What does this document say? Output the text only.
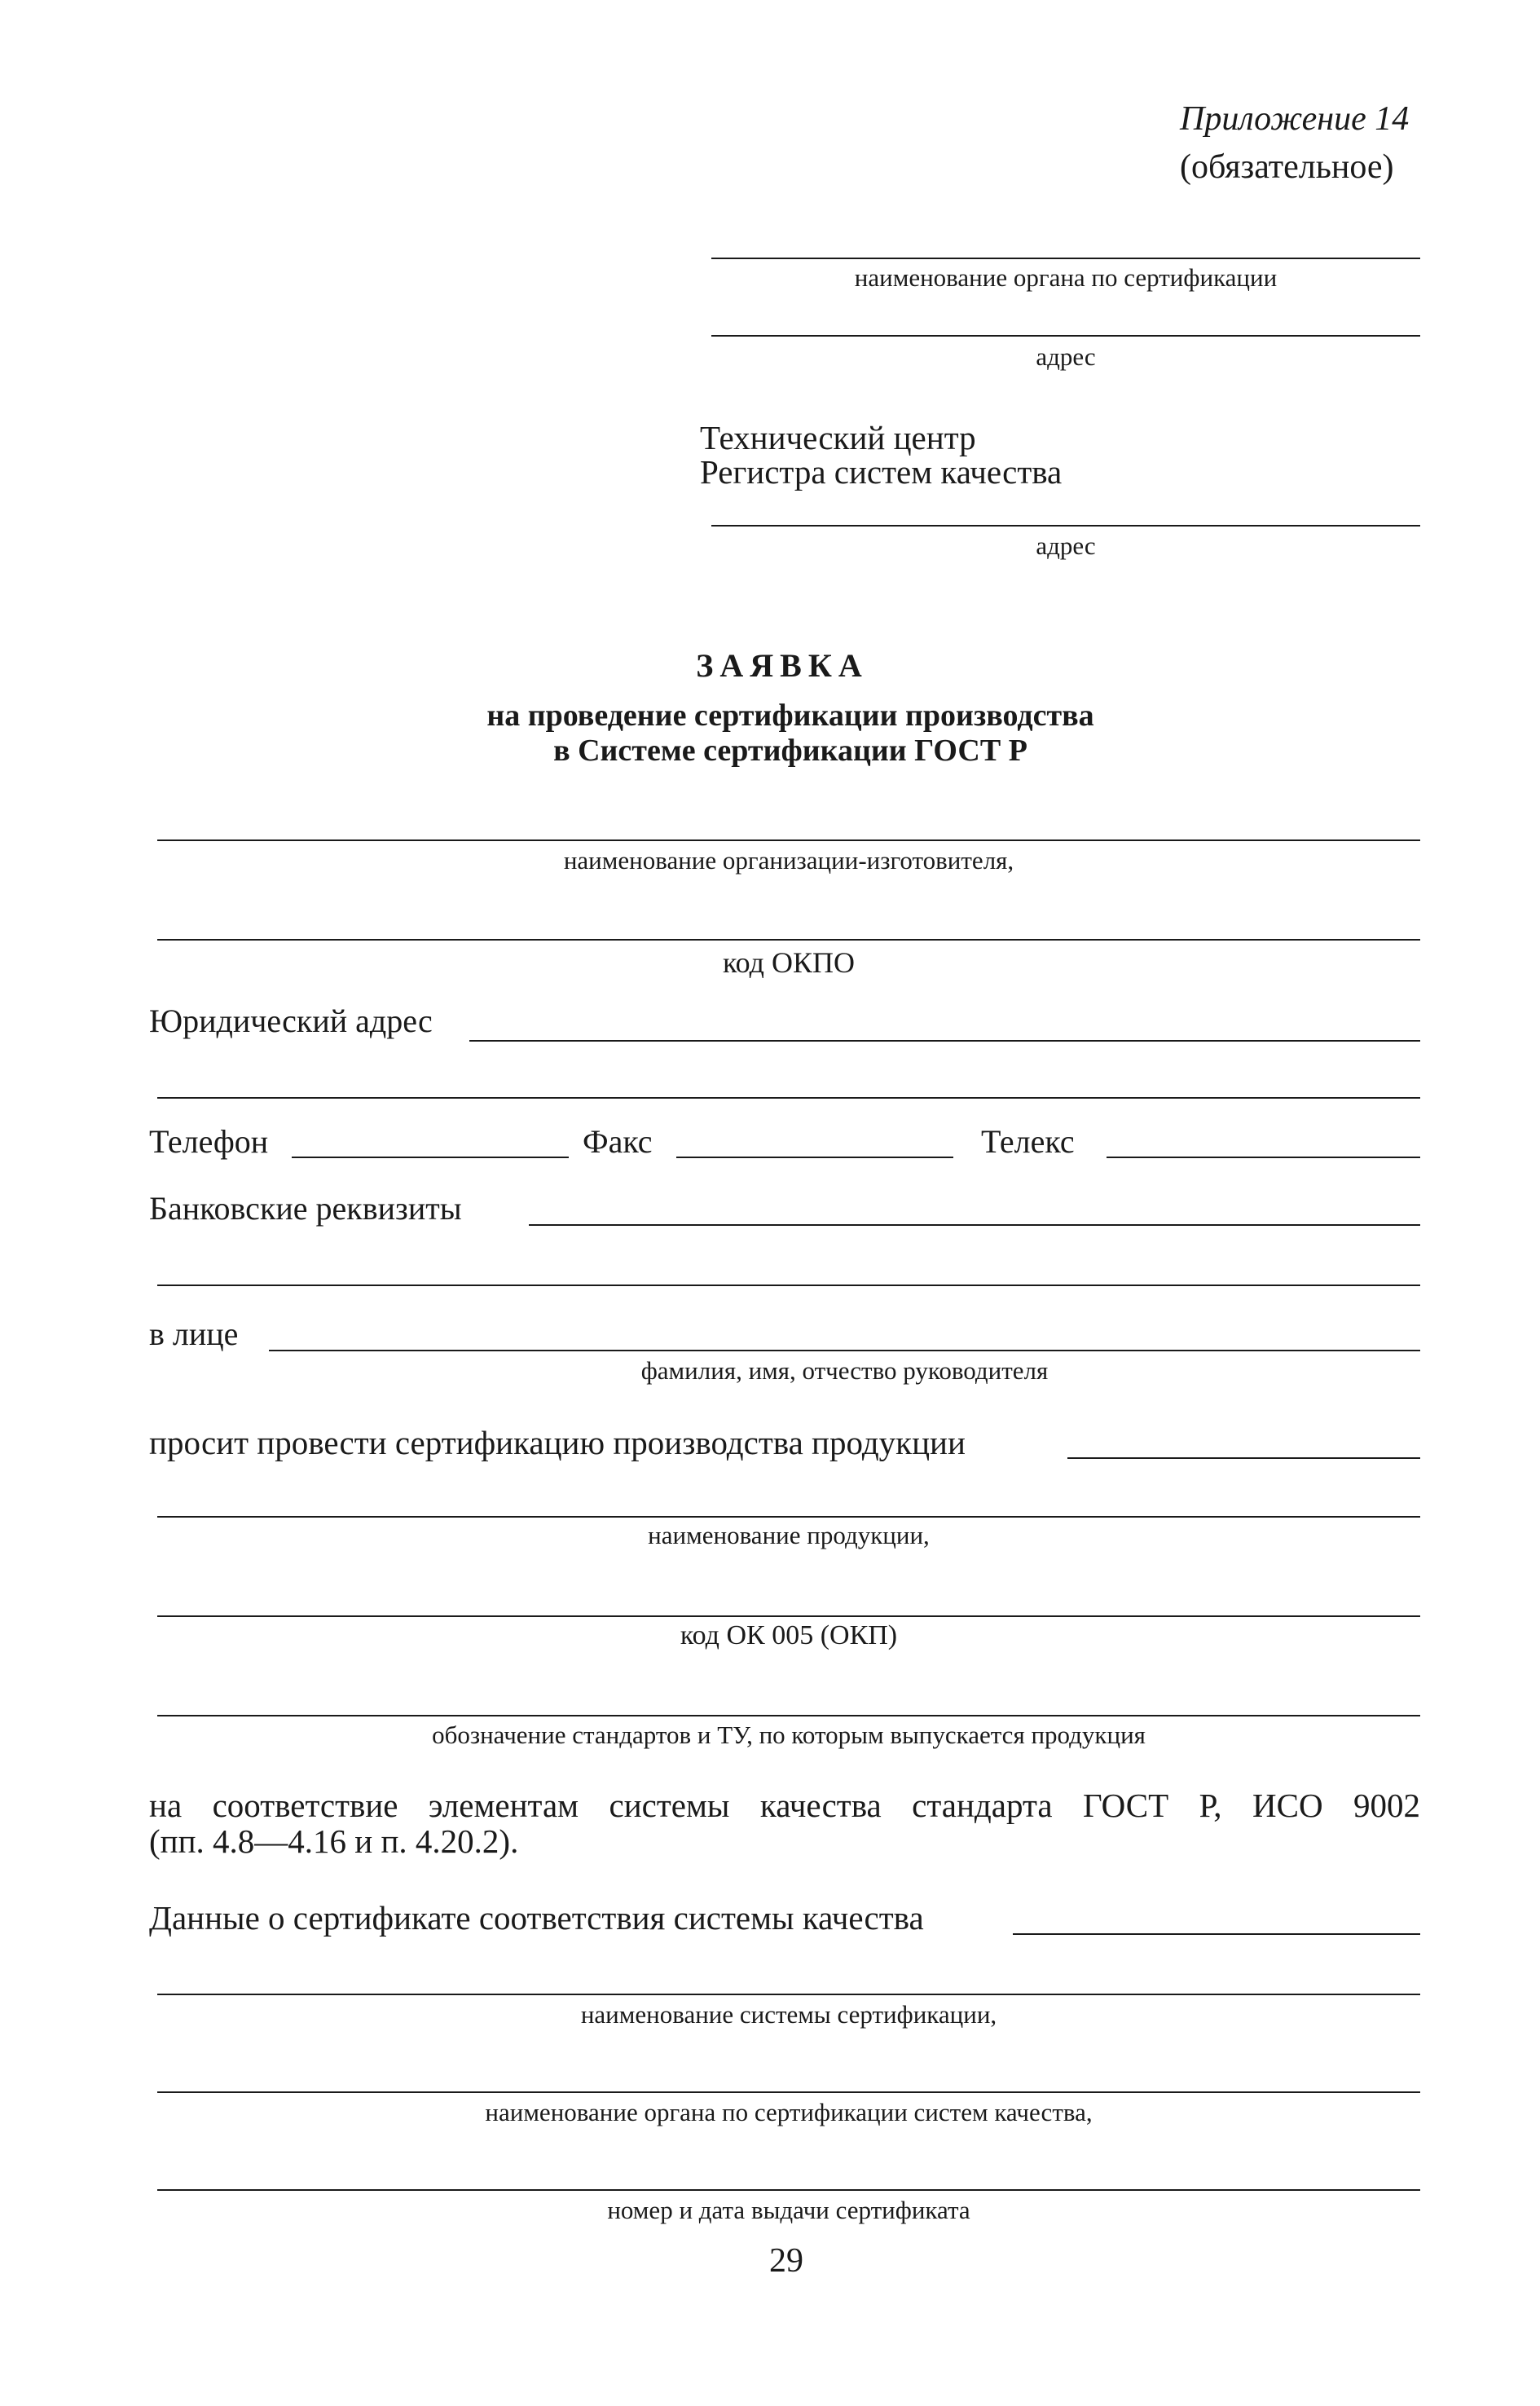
Приложение 14
(обязательное)
наименование органа по сертификации
адрес
Технический центр
Регистра систем качества
адрес
ЗАЯВКА
на проведение сертификации производства
в Системе сертификации ГОСТ Р
наименование организации-изготовителя,
код ОКПО
Юридический адрес
Телефон	Факс	Телекс
Банковские реквизиты
в лице
фамилия, имя, отчество руководителя
просит провести сертификацию производства продукции
наименование продукции,
код ОК 005 (ОКП)
обозначение стандартов и ТУ, по которым выпускается продукция
на соответствие элементам системы качества стандарта ГОСТ Р, ИСО 9002
(пп. 4.8—4.16 и п. 4.20.2).
Данные о сертификате соответствия системы качества
наименование системы сертификации,
наименование органа по сертификации систем качества,
номер и дата выдачи сертификата
29
